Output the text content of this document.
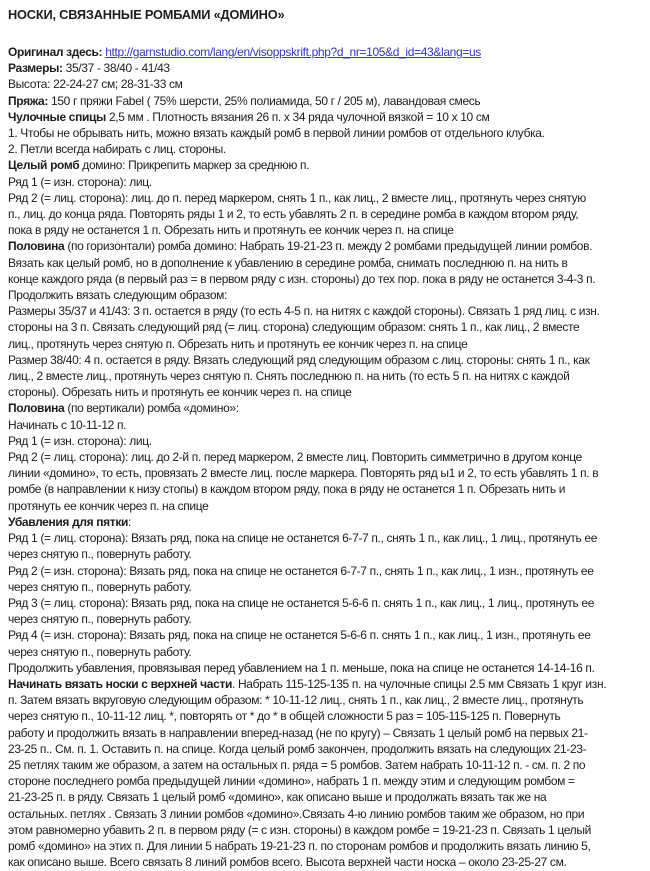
НОСКИ, СВЯЗАННЫЕ РОМБАМИ «ДОМИНО»
Оригинал здесь: http://garnstudio.com/lang/en/visoppskrift.php?d_nr=105&d_id=43&lang=us
Размеры: 35/37 - 38/40 - 41/43
Высота: 22-24-27 см; 28-31-33 см
Пряжа: 150 г пряжи Fabel ( 75% шерсти, 25% полиамида, 50 г / 205 м), лавандовая смесь
Чулочные спицы 2,5 мм . Плотность вязания 26 п. х 34 ряда чулочной вязкой = 10 х 10 см
1. Чтобы не обрывать нить, можно вязать каждый ромб в первой линии ромбов от отдельного клубка.
2. Петли всегда набирать с лиц. стороны.
Целый ромб домино: Прикрепить маркер за среднюю п.
Ряд 1 (= изн. сторона): лиц.
Ряд 2 (= лиц. сторона): лиц. до п. перед маркером, снять 1 п., как лиц., 2 вместе лиц., протянуть через снятую
п., лиц. до конца ряда. Повторять ряды 1 и 2, то есть убавлять 2 п. в середине ромба в каждом втором ряду,
пока в ряду не останется 1 п. Обрезать нить и протянуть ее кончик через п. на спице
Половина (по горизонтали) ромба домино: Набрать 19-21-23 п. между 2 ромбами предыдущей линии ромбов.
Вязать как целый ромб, но в дополнение к убавлению в середине ромба, снимать последнюю п. на нить в
конце каждого ряда (в первый раз = в первом ряду с изн. стороны) до тех пор. пока в ряду не останется 3-4-3 п.
Продолжить вязать следующим образом:
Размеры 35/37 и 41/43: 3 п. остается в ряду (то есть 4-5 п. на нитях с каждой стороны). Связать 1 ряд лиц. с изн.
стороны на 3 п. Связать следующий ряд (= лиц. сторона) следующим образом: снять 1 п., как лиц., 2 вместе
лиц., протянуть через снятую п. Обрезать нить и протянуть ее кончик через п. на спице
Размер 38/40: 4 п. остается в ряду. Вязать следующий ряд следующим образом с лиц. стороны: снять 1 п., как
лиц., 2 вместе лиц., протянуть через снятую п. Снять последнюю п. на нить (то есть 5 п. на нитях с каждой
стороны). Обрезать нить и протянуть ее кончик через п. на спице
Половина (по вертикали) ромба «домино»:
Начинать с 10-11-12 п.
Ряд 1 (= изн. сторона): лиц.
Ряд 2 (= лиц. сторона): лиц. до 2-й п. перед маркером, 2 вместе лиц. Повторить симметрично в другом конце
линии «домино», то есть, провязать 2 вместе лиц. после маркера. Повторять ряд ы1 и 2, то есть убавлять 1 п. в
ромбе (в направлении к низу стопы) в каждом втором ряду, пока в ряду не останется 1 п. Обрезать нить и
протянуть ее кончик через п. на спице
Убавления для пятки:
Ряд 1 (= лиц. сторона): Вязать ряд, пока на спице не останется 6-7-7 п., снять 1 п., как лиц., 1 лиц., протянуть ее
через снятую п., повернуть работу.
Ряд 2 (= изн. сторона): Вязать ряд, пока на спице не останется 6-7-7 п., снять 1 п., как лиц., 1 изн., протянуть ее
через снятую п., повернуть работу.
Ряд 3 (= лиц. сторона): Вязать ряд, пока на спице не останется 5-6-6 п. снять 1 п., как лиц., 1 лиц., протянуть ее
через снятую п., повернуть работу.
Ряд 4 (= изн. сторона): Вязать ряд, пока на спице не останется 5-6-6 п. снять 1 п., как лиц., 1 изн., протянуть ее
через снятую п., повернуть работу.
Продолжить убавления, провязывая перед убавлением на 1 п. меньше, пока на спице не останется 14-14-16 п.
Начинать вязать носки с верхней части. Набрать 115-125-135 п. на чулочные спицы 2.5 мм Связать 1 круг изн.
п. Затем вязать вкруговую следующим образом: * 10-11-12 лиц., снять 1 п., как лиц., 2 вместе лиц., протянуть
через снятую п., 10-11-12 лиц. *, повторять от * до * в общей сложности 5 раз = 105-115-125 п. Повернуть
работу и продолжить вязать в направлении вперед-назад (не по кругу) – Связать 1 целый ромб на первых 21-
23-25 п.. См. п. 1. Оставить п. на спице. Когда целый ромб закончен, продолжить вязать на следующих 21-23-
25 петлях таким же образом, а затем на остальных п. ряда = 5 ромбов. Затем набрать 10-11-12 п. - см. п. 2 по
стороне последнего ромба предыдущей линии «домино», набрать 1 п. между этим и следующим ромбом =
21-23-25 п. в ряду. Связать 1 целый ромб «домино», как описано выше и продолжать вязать так же на
остальных. петлях . Связать 3 линии ромбов «домино».Связать 4-ю линию ромбов таким же образом, но при
этом равномерно убавить 2 п. в первом ряду (= с изн. стороны) в каждом ромбе = 19-21-23 п. Связать 1 целый
ромб «домино» на этих п. Для линии 5 набрать 19-21-23 п. по сторонам ромбов и продолжить вязать линию 5,
как описано выше. Всего связать 8 линий ромбов всего. Высота верхней части носка – около 23-25-27 см.
